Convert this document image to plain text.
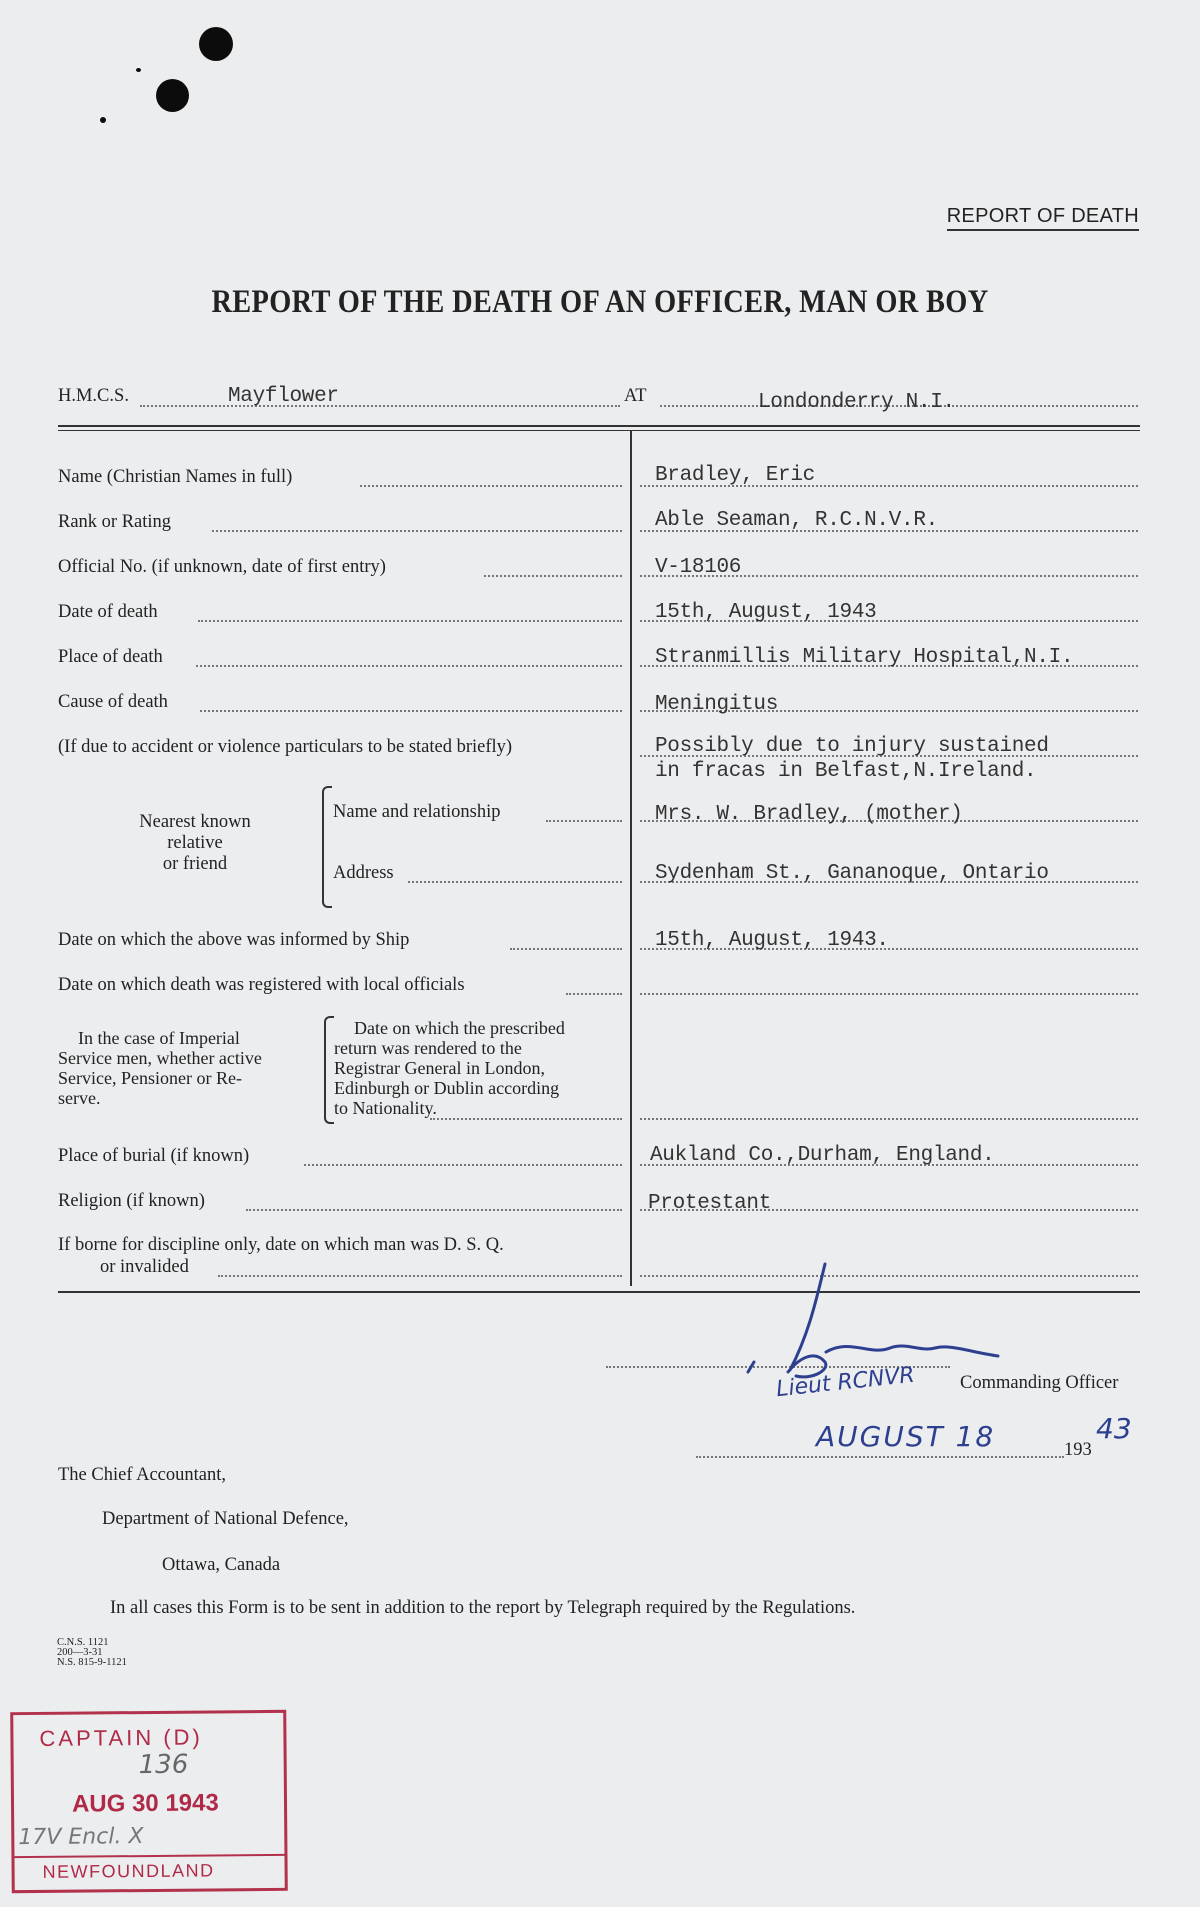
REPORT OF DEATH
REPORT OF THE DEATH OF AN OFFICER, MAN OR BOY
H.M.C.S.	Mayflower	AT	Londonderry N.I.
Name (Christian Names in full)	Bradley, Eric
Rank or Rating	Able Seaman, R.C.N.V.R.
Official No. (if unknown, date of first entry)	V-18106
Date of death	15th, August, 1943
Place of death	Stranmillis Military Hospital,N.I.
Cause of death	Meningitus
(If due to accident or violence particulars to be stated briefly)	Possibly due to injury sustained
in fracas in Belfast,N.Ireland.
Nearest known
relative
or friend
Name and relationship	Mrs. W. Bradley, (mother)
Address	Sydenham St., Gananoque, Ontario
Date on which the above was informed by Ship	15th, August, 1943.
Date on which death was registered with local officials
In the case of Imperial
Service men, whether active
Service, Pensioner or Re-
serve.
Date on which the prescribed
return was rendered to the
Registrar General in London,
Edinburgh or Dublin according
to Nationality.
Place of burial (if known)	Aukland Co.,Durham, England.
Religion (if known)	Protestant
If borne for discipline only, date on which man was D. S. Q.
or invalided
Lieut RCNVR Commanding Officer
AUGUST 18	193
43
The Chief Accountant,
Department of National Defence,
Ottawa, Canada
In all cases this Form is to be sent in addition to the report by Telegraph required by the Regulations.
C.N.S. 1121
200—3-31
N.S. 815-9-1121
CAPTAIN (D)
136
AUG 30 1943
17V Encl. X
NEWFOUNDLAND
